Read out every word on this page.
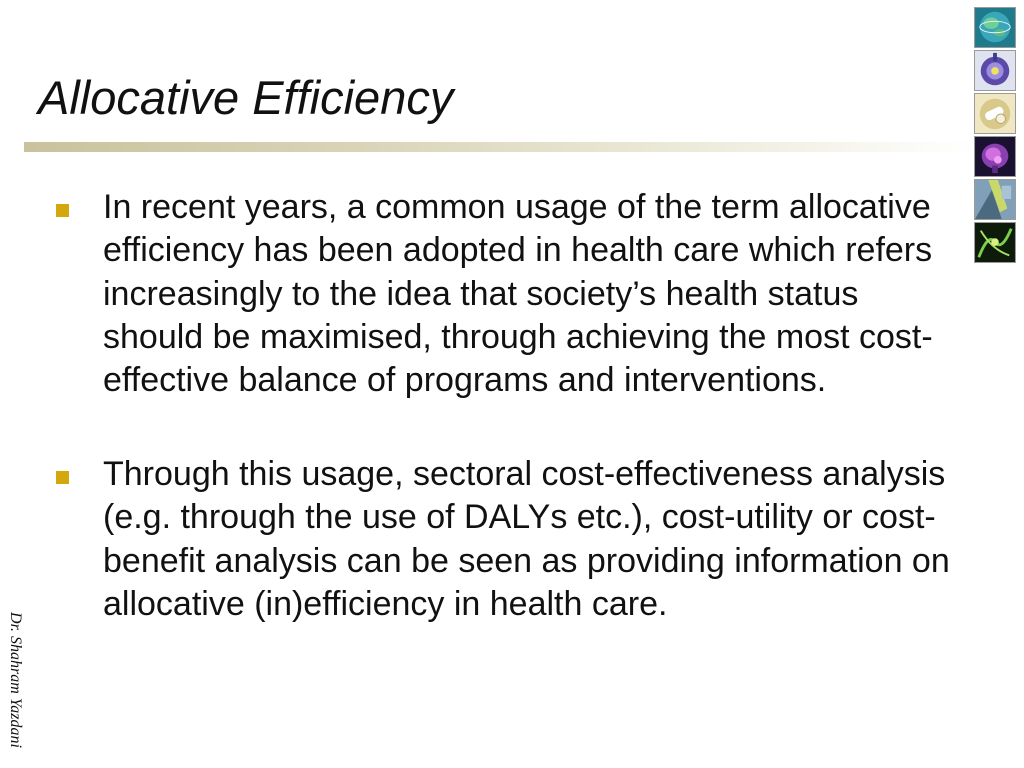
Allocative Efficiency
In recent years, a common usage of the term allocative efficiency has been adopted in health care which refers increasingly to the idea that society’s health status should be maximised, through achieving the most cost-effective balance of programs and interventions.
Through this usage, sectoral cost-effectiveness analysis (e.g. through the use of DALYs etc.), cost-utility or cost-benefit analysis can be seen as providing information on allocative (in)efficiency in health care.
Dr. Shahram Yazdani
